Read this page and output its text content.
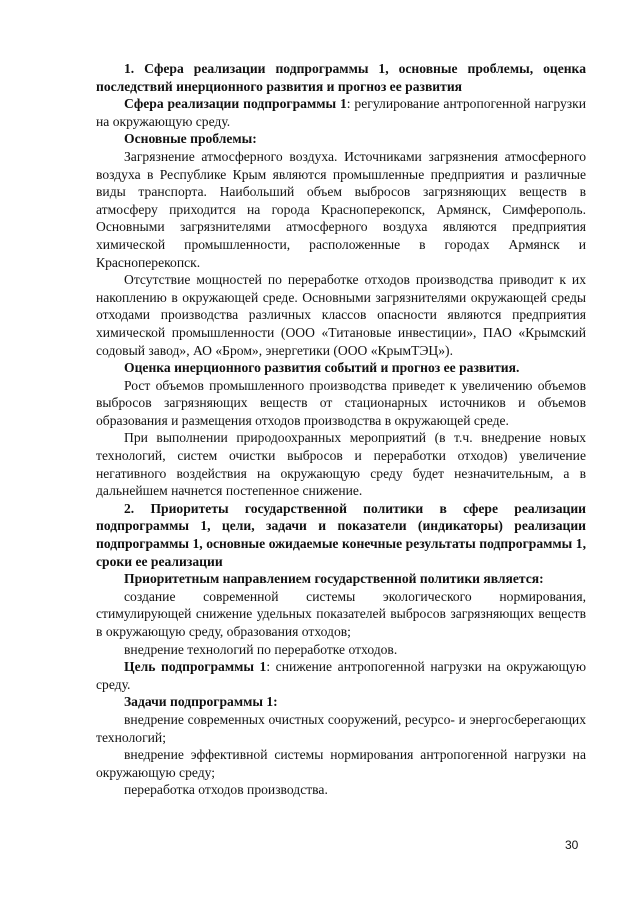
1. Сфера реализации подпрограммы 1, основные проблемы, оценка последствий инерционного развития и прогноз ее развития

Сфера реализации подпрограммы 1: регулирование антропогенной нагрузки на окружающую среду.

Основные проблемы:

Загрязнение атмосферного воздуха. Источниками загрязнения атмосферного воздуха в Республике Крым являются промышленные предприятия и различные виды транспорта. Наибольший объем выбросов загрязняющих веществ в атмосферу приходится на города Красноперекопск, Армянск, Симферополь. Основными загрязнителями атмосферного воздуха являются предприятия химической промышленности, расположенные в городах Армянск и Красноперекопск.

Отсутствие мощностей по переработке отходов производства приводит к их накоплению в окружающей среде. Основными загрязнителями окружающей среды отходами производства различных классов опасности являются предприятия химической промышленности (ООО «Титановые инвестиции», ПАО «Крымский содовый завод», АО «Бром», энергетики (ООО «КрымТЭЦ»).

Оценка инерционного развития событий и прогноз ее развития.

Рост объемов промышленного производства приведет к увеличению объемов выбросов загрязняющих веществ от стационарных источников и объемов образования и размещения отходов производства в окружающей среде.

При выполнении природоохранных мероприятий (в т.ч. внедрение новых технологий, систем очистки выбросов и переработки отходов) увеличение негативного воздействия на окружающую среду будет незначительным, а в дальнейшем начнется постепенное снижение.

2. Приоритеты государственной политики в сфере реализации подпрограммы 1, цели, задачи и показатели (индикаторы) реализации подпрограммы 1, основные ожидаемые конечные результаты подпрограммы 1, сроки ее реализации

Приоритетным направлением государственной политики является:

создание современной системы экологического нормирования, стимулирующей снижение удельных показателей выбросов загрязняющих веществ в окружающую среду, образования отходов;

внедрение технологий по переработке отходов.

Цель подпрограммы 1: снижение антропогенной нагрузки на окружающую среду.

Задачи подпрограммы 1:

внедрение современных очистных сооружений, ресурсо- и энергосберегающих технологий;

внедрение эффективной системы нормирования антропогенной нагрузки на окружающую среду;

переработка отходов производства.

30
